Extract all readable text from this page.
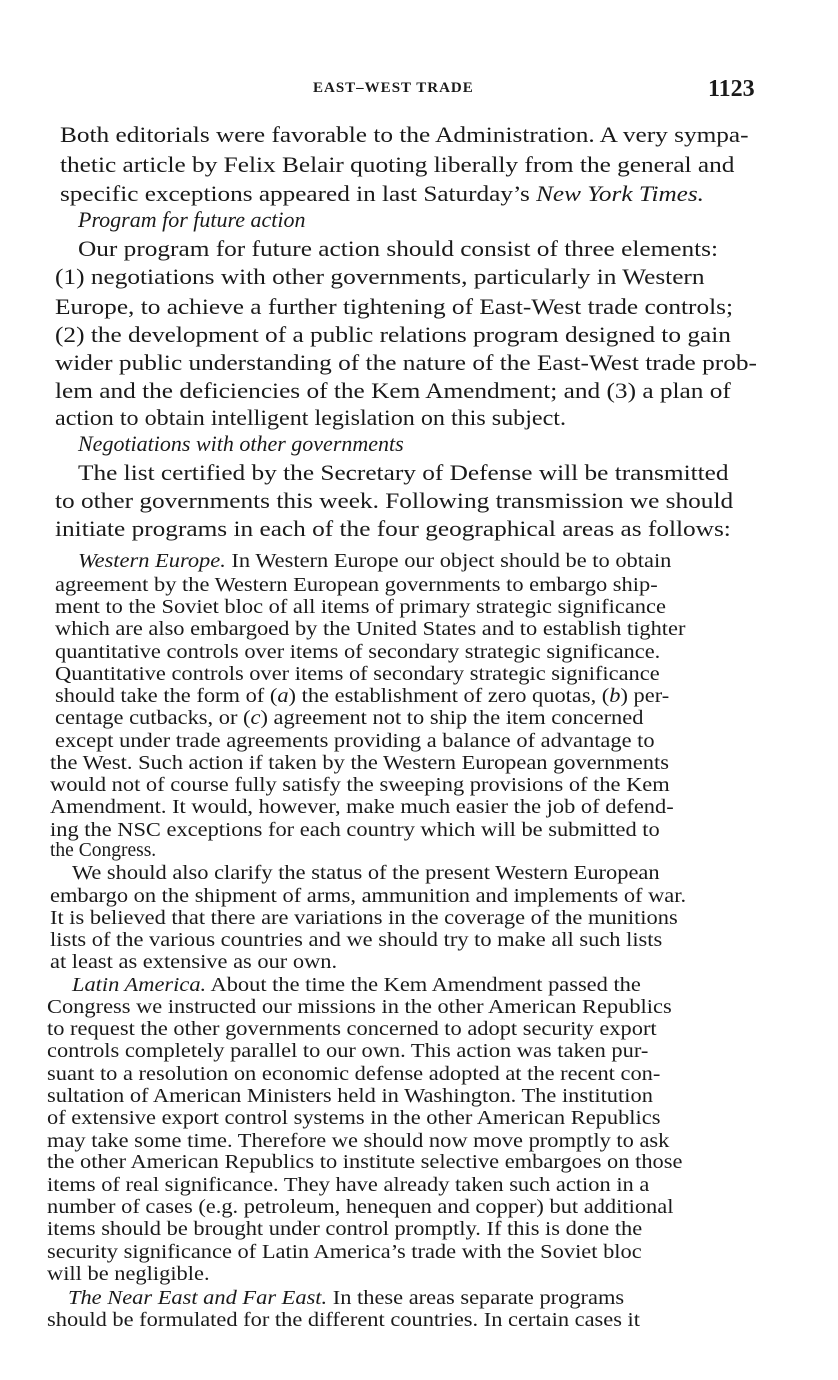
EAST–WEST TRADE	1123
Both editorials were favorable to the Administration. A very sympa-
thetic article by Felix Belair quoting liberally from the general and
specific exceptions appeared in last Saturday’s New York Times.
Program for future action
Our program for future action should consist of three elements:
(1) negotiations with other governments, particularly in Western
Europe, to achieve a further tightening of East-West trade controls;
(2) the development of a public relations program designed to gain
wider public understanding of the nature of the East-West trade prob-
lem and the deficiencies of the Kem Amendment; and (3) a plan of
action to obtain intelligent legislation on this subject.
Negotiations with other governments
The list certified by the Secretary of Defense will be transmitted
to other governments this week. Following transmission we should
initiate programs in each of the four geographical areas as follows:
Western Europe. In Western Europe our object should be to obtain
agreement by the Western European governments to embargo ship-
ment to the Soviet bloc of all items of primary strategic significance
which are also embargoed by the United States and to establish tighter
quantitative controls over items of secondary strategic significance.
Quantitative controls over items of secondary strategic significance
should take the form of (a) the establishment of zero quotas, (b) per-
centage cutbacks, or (c) agreement not to ship the item concerned
except under trade agreements providing a balance of advantage to
the West. Such action if taken by the Western European governments
would not of course fully satisfy the sweeping provisions of the Kem
Amendment. It would, however, make much easier the job of defend-
ing the NSC exceptions for each country which will be submitted to
the Congress.
We should also clarify the status of the present Western European
embargo on the shipment of arms, ammunition and implements of war.
It is believed that there are variations in the coverage of the munitions
lists of the various countries and we should try to make all such lists
at least as extensive as our own.
Latin America. About the time the Kem Amendment passed the
Congress we instructed our missions in the other American Republics
to request the other governments concerned to adopt security export
controls completely parallel to our own. This action was taken pur-
suant to a resolution on economic defense adopted at the recent con-
sultation of American Ministers held in Washington. The institution
of extensive export control systems in the other American Republics
may take some time. Therefore we should now move promptly to ask
the other American Republics to institute selective embargoes on those
items of real significance. They have already taken such action in a
number of cases (e.g. petroleum, henequen and copper) but additional
items should be brought under control promptly. If this is done the
security significance of Latin America’s trade with the Soviet bloc
will be negligible.
The Near East and Far East. In these areas separate programs
should be formulated for the different countries. In certain cases it
